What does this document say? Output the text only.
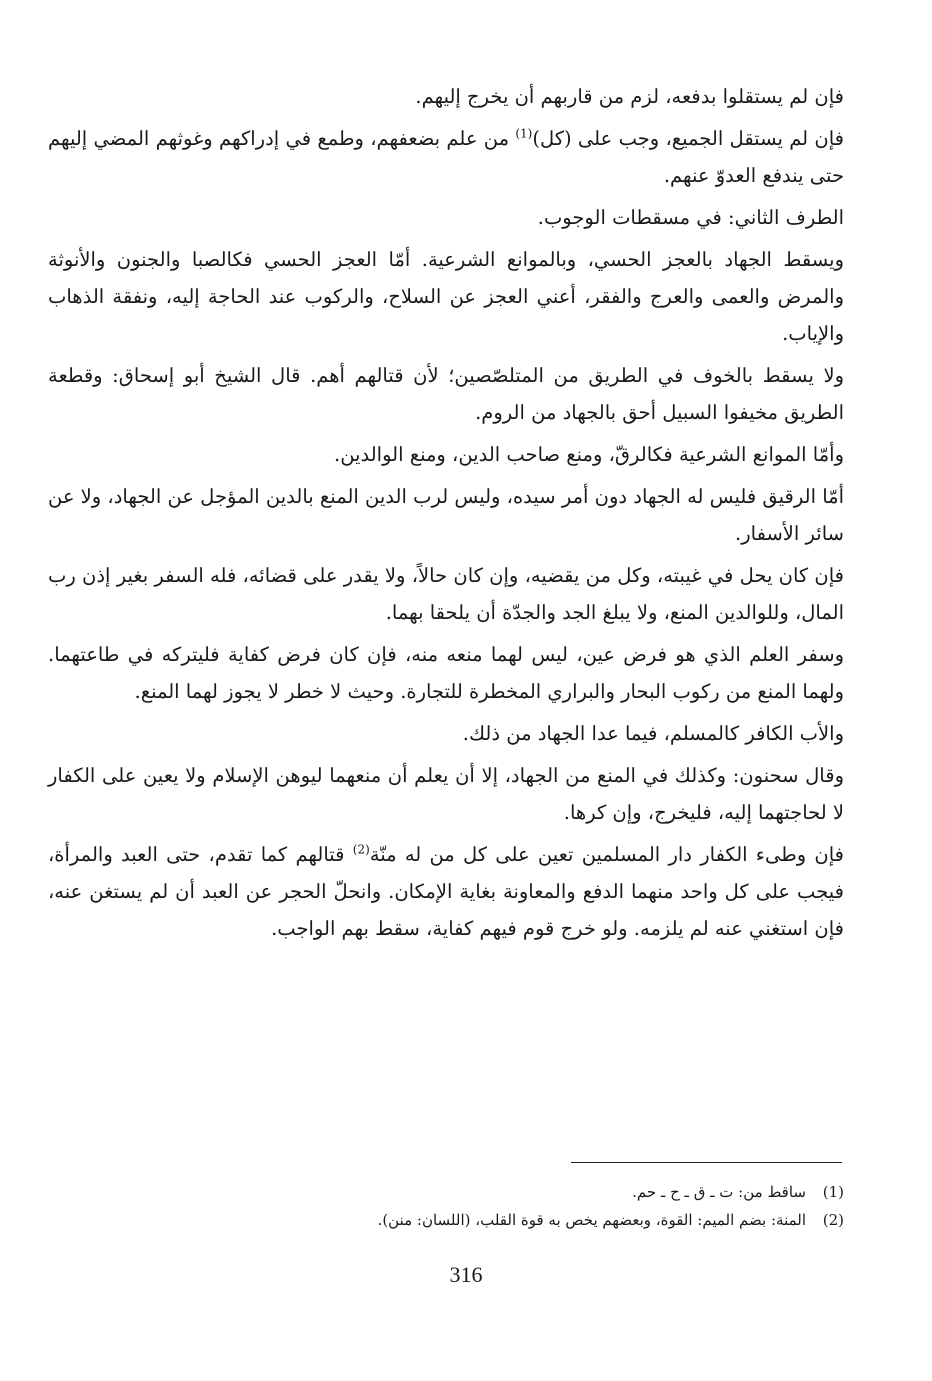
فإن لم يستقلوا بدفعه، لزم من قاربهم أن يخرج إليهم.

فإن لم يستقل الجميع، وجب على (كل)$^{(1)}$ من علم بضعفهم، وطمع في إدراكهم وغوثهم المضي إليهم حتى يندفع العدوّ عنهم.

الطرف الثاني: في مسقطات الوجوب.

ويسقط الجهاد بالعجز الحسي، وبالموانع الشرعية. أمّا العجز الحسي فكالصبا والجنون والأنوثة والمرض والعمى والعرج والفقر، أعني العجز عن السلاح، والركوب عند الحاجة إليه، ونفقة الذهاب والإياب.

ولا يسقط بالخوف في الطريق من المتلصّصين؛ لأن قتالهم أهم. قال الشيخ أبو إسحاق: وقطعة الطريق مخيفوا السبيل أحق بالجهاد من الروم.

وأمّا الموانع الشرعية فكالرقّ، ومنع صاحب الدين، ومنع الوالدين.

أمّا الرقيق فليس له الجهاد دون أمر سيده، وليس لرب الدين المنع بالدين المؤجل عن الجهاد، ولا عن سائر الأسفار.

فإن كان يحل في غيبته، وكل من يقضيه، وإن كان حالاً، ولا يقدر على قضائه، فله السفر بغير إذن رب المال، وللوالدين المنع، ولا يبلغ الجد والجدّة أن يلحقا بهما.

وسفر العلم الذي هو فرض عين، ليس لهما منعه منه، فإن كان فرض كفاية فليتركه في طاعتهما. ولهما المنع من ركوب البحار والبراري المخطرة للتجارة. وحيث لا خطر لا يجوز لهما المنع.

والأب الكافر كالمسلم، فيما عدا الجهاد من ذلك.

وقال سحنون: وكذلك في المنع من الجهاد، إلا أن يعلم أن منعهما ليوهن الإسلام ولا يعين على الكفار لا لحاجتهما إليه، فليخرج، وإن كرها.

فإن وطىء الكفار دار المسلمين تعين على كل من له منّة$^{(2)}$ قتالهم كما تقدم، حتى العبد والمرأة، فيجب على كل واحد منهما الدفع والمعاونة بغاية الإمكان. وانحلّ الحجر عن العبد أن لم يستغن عنه، فإن استغني عنه لم يلزمه. ولو خرج قوم فيهم كفاية، سقط بهم الواجب.

(1)ساقط من: ت ـ ق ـ ح ـ حم.
(2)المنة: بضم الميم: القوة، وبعضهم يخص به قوة القلب، (اللسان: منن).
316
